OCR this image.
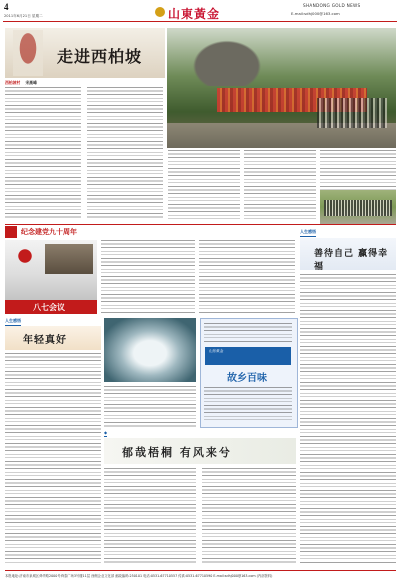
4
2011年6月21日 星期二	山東黃金
SHANDONG GOLD NEWS
E-mail:sdhj000@163.com
走进西柏坡
西柏坡村 宋高峰
纪念建党九十周年
八七会议
人生感悟
善待自己 赢得幸福
人生感悟
年轻真好
山东黄金
故乡百味
◆
郁哉梧桐 有风来兮
本报地址:济南市泉城区舜华路2000号舜泰广场3号楼11层 西侧企业文化部 邮政编码:250101 电话:0531-67710557 传真:0531-67710590 E-mail:sdhj000@163.com (内部资料)
